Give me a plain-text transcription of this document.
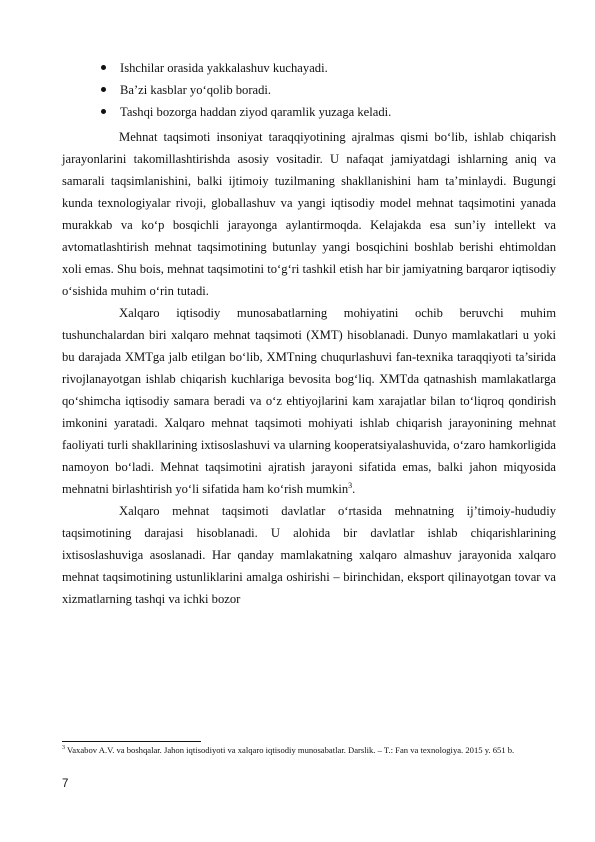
Ishchilar orasida yakkalashuv kuchayadi.
Ba’zi kasblar yo‘qolib boradi.
Tashqi bozorga haddan ziyod qaramlik yuzaga keladi.

Mehnat taqsimoti insoniyat taraqqiyotining ajralmas qismi bo‘lib, ishlab chiqarish jarayonlarini takomillashtirishda asosiy vositadir. U nafaqat jamiyatdagi ishlarning aniq va samarali taqsimlanishini, balki ijtimoiy tuzilmaning shakllanishini ham ta’minlaydi. Bugungi kunda texnologiyalar rivoji, globallashuv va yangi iqtisodiy model mehnat taqsimotini yanada murakkab va ko‘p bosqichli jarayonga aylantirmoqda. Kelajakda esa sun’iy intellekt va avtomatlashtirish mehnat taqsimotining butunlay yangi bosqichini boshlab berishi ehtimoldan xoli emas. Shu bois, mehnat taqsimotini to‘g‘ri tashkil etish har bir jamiyatning barqaror iqtisodiy o‘sishida muhim o‘rin tutadi.

Xalqaro iqtisodiy munosabatlarning mohiyatini ochib beruvchi muhim tushunchalardan biri xalqaro mehnat taqsimoti (XMT) hisoblanadi. Dunyo mamlakatlari u yoki bu darajada XMTga jalb etilgan bo‘lib, XMTning chuqurlashuvi fan-texnika taraqqiyoti ta’sirida rivojlanayotgan ishlab chiqarish kuchlariga bevosita bog‘liq. XMTda qatnashish mamlakatlarga qo‘shimcha iqtisodiy samara beradi va o‘z ehtiyojlarini kam xarajatlar bilan to‘liqroq qondirish imkonini yaratadi. Xalqaro mehnat taqsimoti mohiyati ishlab chiqarish jarayonining mehnat faoliyati turli shakllarining ixtisoslashuvi va ularning kooperatsiyalashuvida, o‘zaro hamkorligida namoyon bo‘ladi. Mehnat taqsimotini ajratish jarayoni sifatida emas, balki jahon miqyosida mehnatni birlashtirish yo‘li sifatida ham ko‘rish mumkin$^3$.

Xalqaro mehnat taqsimoti davlatlar o‘rtasida mehnatning ij’timoiy-hududiy taqsimotining darajasi hisoblanadi. U alohida bir davlatlar ishlab chiqarishlarining ixtisoslashuviga asoslanadi. Har qanday mamlakatning xalqaro almashuv jarayonida xalqaro mehnat taqsimotining ustunliklarini amalga oshirishi – birinchidan, eksport qilinayotgan tovar va xizmatlarning tashqi va ichki bozor

$^3$ Vaxabov A.V. va boshqalar. Jahon iqtisodiyoti va xalqaro iqtisodiy munosabatlar. Darslik. – T.: Fan va texnologiya. 2015 y. 651 b.
7
